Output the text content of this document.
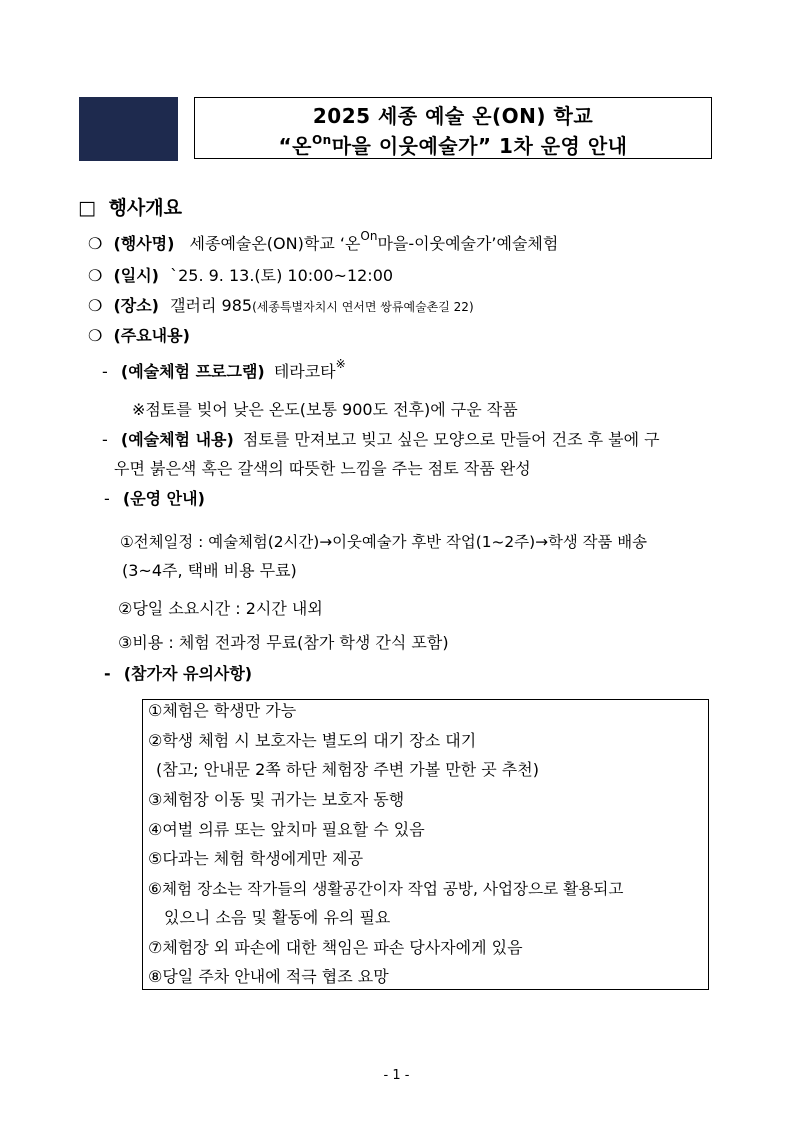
2025 세종 예술 온(ON) 학교
“온$^{On}$마을 이웃예술가” 1차 운영 안내
□ 행사개요
❍ (행사명) 세종예술온(ON)학교 ‘온$^{On}$마을-이웃예술가’예술체험
❍ (일시) `25. 9. 13.(토) 10:00~12:00
❍ (장소) 갤러리 985(세종특별자치시 연서면 쌍류예술촌길 22)
❍ (주요내용)
- (예술체험 프로그램) 테라코타※
※점토를 빚어 낮은 온도(보통 900도 전후)에 구운 작품
- (예술체험 내용) 점토를 만져보고 빚고 싶은 모양으로 만들어 건조 후 불에 구
우면 붉은색 혹은 갈색의 따뜻한 느낌을 주는 점토 작품 완성
- (운영 안내)
①전체일정 : 예술체험(2시간)→이웃예술가 후반 작업(1~2주)→학생 작품 배송
(3~4주, 택배 비용 무료)
②당일 소요시간 : 2시간 내외
③비용 : 체험 전과정 무료(참가 학생 간식 포함)
- (참가자 유의사항)
①체험은 학생만 가능
②학생 체험 시 보호자는 별도의 대기 장소 대기
(참고; 안내문 2쪽 하단 체험장 주변 가볼 만한 곳 추천)
③체험장 이동 및 귀가는 보호자 동행
④여벌 의류 또는 앞치마 필요할 수 있음
⑤다과는 체험 학생에게만 제공
⑥체험 장소는 작가들의 생활공간이자 작업 공방, 사업장으로 활용되고
있으니 소음 및 활동에 유의 필요
⑦체험장 외 파손에 대한 책임은 파손 당사자에게 있음
⑧당일 주차 안내에 적극 협조 요망
- 1 -
